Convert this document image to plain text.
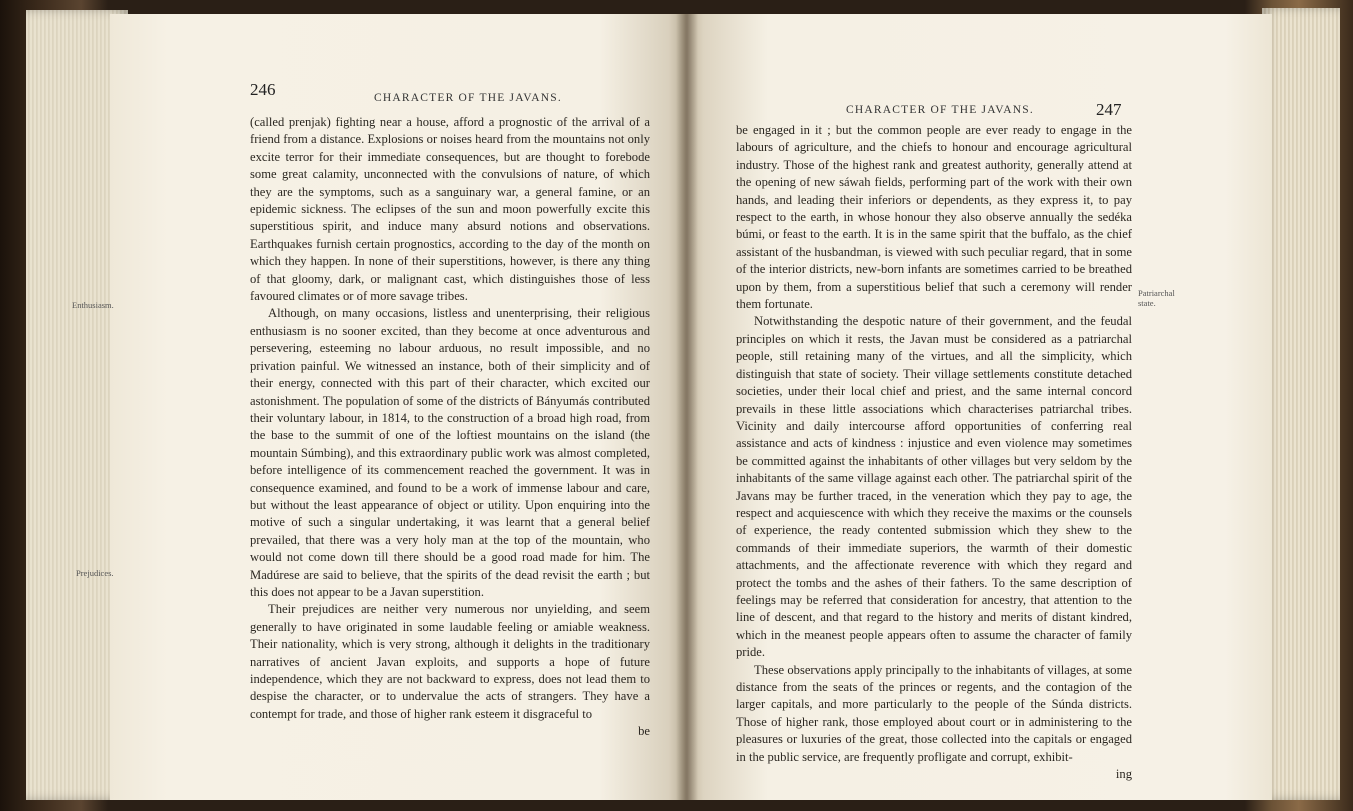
246	CHARACTER OF THE JAVANS.
Enthusiasm.
Prejudices.

(called prenjak) fighting near a house, afford a prognostic of the arrival of a friend from a distance. Explosions or noises heard from the mountains not only excite terror for their immediate consequences, but are thought to forebode some great calamity, unconnected with the convulsions of nature, of which they are the symptoms, such as a sanguinary war, a general famine, or an epidemic sickness. The eclipses of the sun and moon powerfully excite this superstitious spirit, and induce many absurd notions and observations. Earthquakes furnish certain prognostics, according to the day of the month on which they happen. In none of their superstitions, however, is there any thing of that gloomy, dark, or malignant cast, which distinguishes those of less favoured climates or of more savage tribes.

Although, on many occasions, listless and unenterprising, their religious enthusiasm is no sooner excited, than they become at once adventurous and persevering, esteeming no labour arduous, no result impossible, and no privation painful. We witnessed an instance, both of their simplicity and of their energy, connected with this part of their character, which excited our astonishment. The population of some of the districts of Bányumás contributed their voluntary labour, in 1814, to the construction of a broad high road, from the base to the summit of one of the loftiest mountains on the island (the mountain Súmbing), and this extraordinary public work was almost completed, before intelligence of its commencement reached the government. It was in consequence examined, and found to be a work of immense labour and care, but without the least appearance of object or utility. Upon enquiring into the motive of such a singular undertaking, it was learnt that a general belief prevailed, that there was a very holy man at the top of the mountain, who would not come down till there should be a good road made for him. The Madúrese are said to believe, that the spirits of the dead revisit the earth ; but this does not appear to be a Javan superstition.

Their prejudices are neither very numerous nor unyielding, and seem generally to have originated in some laudable feeling or amiable weakness. Their nationality, which is very strong, although it delights in the traditionary narratives of ancient Javan exploits, and supports a hope of future independence, which they are not backward to express, does not lead them to despise the character, or to undervalue the acts of strangers. They have a contempt for trade, and those of higher rank esteem it disgraceful to

be
CHARACTER OF THE JAVANS.	247
Patriarchal state.

be engaged in it ; but the common people are ever ready to engage in the labours of agriculture, and the chiefs to honour and encourage agricultural industry. Those of the highest rank and greatest authority, generally attend at the opening of new sáwah fields, performing part of the work with their own hands, and leading their inferiors or dependents, as they express it, to pay respect to the earth, in whose honour they also observe annually the sedéka búmi, or feast to the earth. It is in the same spirit that the buffalo, as the chief assistant of the husbandman, is viewed with such peculiar regard, that in some of the interior districts, new-born infants are sometimes carried to be breathed upon by them, from a superstitious belief that such a ceremony will render them fortunate.

Notwithstanding the despotic nature of their government, and the feudal principles on which it rests, the Javan must be considered as a patriarchal people, still retaining many of the virtues, and all the simplicity, which distinguish that state of society. Their village settlements constitute detached societies, under their local chief and priest, and the same internal concord prevails in these little associations which characterises patriarchal tribes. Vicinity and daily intercourse afford opportunities of conferring real assistance and acts of kindness : injustice and even violence may sometimes be committed against the inhabitants of other villages but very seldom by the inhabitants of the same village against each other. The patriarchal spirit of the Javans may be further traced, in the veneration which they pay to age, the respect and acquiescence with which they receive the maxims or the counsels of experience, the ready contented submission which they shew to the commands of their immediate superiors, the warmth of their domestic attachments, and the affectionate reverence with which they regard and protect the tombs and the ashes of their fathers. To the same description of feelings may be referred that consideration for ancestry, that attention to the line of descent, and that regard to the history and merits of distant kindred, which in the meanest people appears often to assume the character of family pride.

These observations apply principally to the inhabitants of villages, at some distance from the seats of the princes or regents, and the contagion of the larger capitals, and more particularly to the people of the Súnda districts. Those of higher rank, those employed about court or in administering to the pleasures or luxuries of the great, those collected into the capitals or engaged in the public service, are frequently profligate and corrupt, exhibit-

ing
